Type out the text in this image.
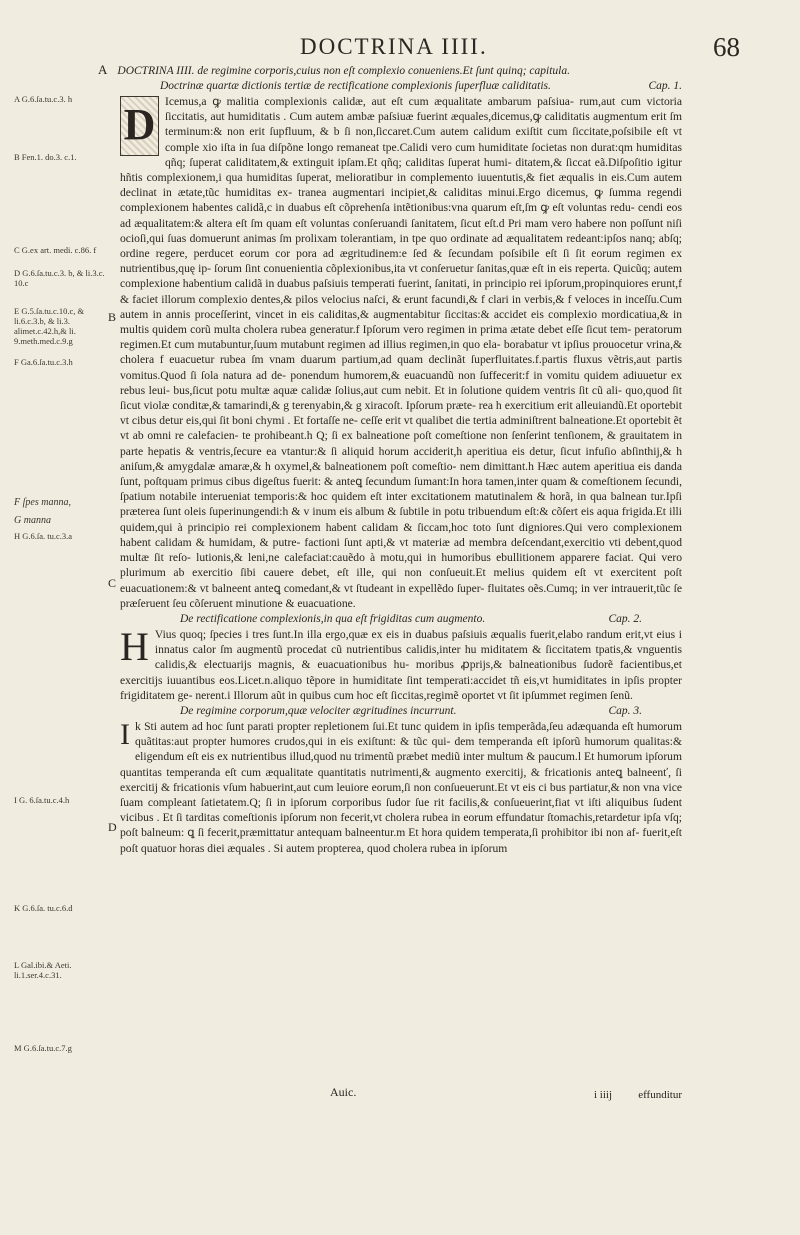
DOCTRINA IIII.	68
A G.6.ſa.tu.c.3. h
B Fen.1. do.3. c.1.
C G.ex art. medi. c.86. f
D G.6.ſa.tu.c.3. b, & li.3.c. 10.c
E G.5.ſa.tu.c.10.c, & li.6.c.3.b, & li.3. alimet.c.42.h,& li. 9.meth.med.c.9.g
F Ga.6.ſa.tu.c.3.h
F ſpes manna,
G manna
H G.6.ſa. tu.c.3.a
I G. 6.ſa.tu.c.4.h
K G.6.ſa. tu.c.6.d
L Gal.ibi.& Aeti. li.1.ser.4.c.31.
M G.6.ſa.tu.c.7.g
B
C
D
A DOCTRINA IIII. de regimine corporis,cuius non eſt complexio conueniens.Et ſunt quinq; capitula.
Doctrinæ quartæ dictionis tertiæ de rectificatione complexionis ſuperfluæ caliditatis.	Cap. 1.

D Icemus,a ꝙ malitia complexionis calidæ, aut eſt cum æqualitate ambarum paſsiua- rum,aut cum victoria ſiccitatis, aut humiditatis . Cum autem ambæ paſsiuæ fuerint æquales,dicemus,ꝙ caliditatis augmentum erit ſm terminum:& non erit ſupfluum, & b ſi non,ſiccaret.Cum autem calidum exiſtit cum ſiccitate,poſsibile eſt vt comple xio iſta in ſua diſpõne longo remaneat tpe.Calidi vero cum humiditate ſocietas non durat:qm humiditas qñq; ſuperat caliditatem,& extinguit ipſam.Et qñq; caliditas ſuperat humi- ditatem,& ſiccat eã.Diſpoſitio igitur hñtis complexionem,i qua humiditas ſuperat, melioratibur in complemento iuuentutis,& fiet æqualis in eis.Cum autem declinat in ætate,tũc humiditas ex- tranea augmentari incipiet,& caliditas minui.Ergo dicemus, ꝙ ſumma regendi complexionem habentes calidã,c in duabus eſt cõprehenſa intẽtionibus:vna quarum eſt,ſm ꝙ eſt voluntas redu- cendi eos ad æqualitatem:& altera eſt ſm quam eſt voluntas conſeruandi ſanitatem, ſicut eſt.d Pri mam vero habere non poſſunt niſi ocioſi,qui ſuas domuerunt animas ſm prolixam tolerantiam, in tpe quo ordinate ad æqualitatem redeant:ipſos nanq; abſq; ordine regere, perducet eorum cor pora ad ægritudinem:e ſed & ſecundam poſsibile eſt ſi ſit eorum regimen ex nutrientibus,quę ip- ſorum ſint conuenientia cõplexionibus,ita vt conſeruetur ſanitas,quæ eſt in eis reperta. Quicũq; autem complexione habentium calidã in duabus paſsiuis temperati fuerint, ſanitati, in principio rei ipſorum,propinquiores erunt,f & faciet illorum complexio dentes,& pilos velocius naſci, & erunt facundi,& f clari in verbis,& f veloces in inceſſu.Cum autem in annis proceſſerint, vincet in eis caliditas,& augmentabitur ſiccitas:& accidet eis complexio mordicatiua,& in multis quidem corũ multa cholera rubea generatur.f Ipſorum vero regimen in prima ætate debet eſſe ſicut tem- peratorum regimen.Et cum mutabuntur,ſuum mutabunt regimen ad illius regimen,in quo ela- borabatur vt ipſius prouocetur vrina,& cholera f euacuetur rubea ſm vnam duarum partium,ad quam declinãt ſuperfluitates.f.partis fluxus vẽtris,aut partis vomitus.Quod ſi ſola natura ad de- ponendum humorem,& euacuandũ non ſuffecerit:f in vomitu quidem adiuuetur ex rebus leui- bus,ſicut potu multæ aquæ calidæ ſolius,aut cum nebit. Et in ſolutione quidem ventris ſit cũ ali- quo,quod ſit ſicut violæ conditæ,& tamarindi,& g terenyabin,& g xiracoſt. Ipſorum præte- rea h exercitium erit alleuiandũ.Et oportebit vt cibus detur eis,qui ſit boni chymi . Et fortaſſe ne- ceſſe erit vt qualibet die tertia adminiſtrent balneatione.Et oportebit ẽt vt ab omni re calefacien- te prohibeant.h Q; ſi ex balneatione poſt comeſtione non ſenſerint tenſionem, & grauitatem in parte hepatis & ventris,ſecure ea vtantur:& ſi aliquid horum acciderit,h aperitiua eis detur, ſicut infuſio abſinthij,& h aniſum,& amygdalæ amaræ,& h oxymel,& balneationem poſt comeſtio- nem dimittant.h Hæc autem aperitiua eis danda ſunt, poſtquam primus cibus digeſtus fuerit: & anteꝗ ſecundum ſumant:In hora tamen,inter quam & comeſtionem ſecundi, ſpatium notabile interueniat temporis:& hoc quidem eſt inter excitationem matutinalem & horã, in qua balnean tur.Ipſi præterea ſunt oleis ſuperinungendi:h & v inum eis album & ſubtile in potu tribuendum eſt:& cõſert eis aqua frigida.Et illi quidem,qui à principio rei complexionem habent calidam & ſiccam,hoc toto ſunt digniores.Qui vero complexionem habent calidam & humidam, & putre- factioni ſunt apti,& vt materiæ ad membra deſcendant,exercitio vti debent,quod multæ ſit reſo- lutionis,& leni,ne calefaciat:cauẽdo à motu,qui in humoribus ebullitionem apparere faciat. Qui vero plurimum ab exercitio ſibi cauere debet, eſt ille, qui non conſueuit.Et melius quidem eſt vt exercitent poſt euacuationem:& vt balneent anteꝗ comedant,& vt ſtudeant in expellẽdo ſuper- fluitates oẽs.Cumq; in ver intrauerit,tũc ſe præſeruent ſeu cõſeruent minutione & euacuatione.

De rectificatione complexionis,in qua eſt frigiditas cum augmento.	Cap. 2.

H Vius quoq; ſpecies i tres ſunt.In illa ergo,quæ ex eis in duabus paſsiuis æqualis fuerit,elabo randum erit,vt eius i innatus calor ſm augmentũ procedat cũ nutrientibus calidis,inter hu miditatem & ſiccitatem tpatis,& vnguentis calidis,& electuarijs magnis, & euacuationibus hu- moribus ꝓprijs,& balneationibus ſudorẽ facientibus,et exercitijs iuuantibus eos.Licet.n.aliquo tẽpore in humiditate ſint temperati:accidet tñ eis,vt humiditates in ipſis propter frigiditatem ge- nerent.i Illorum aũt in quibus cum hoc eſt ſiccitas,regimẽ oportet vt ſit ipſummet regimen ſenũ.

De regimine corporum,quæ velociter ægritudines incurrunt.	Cap. 3.

I k Sti autem ad hoc ſunt parati propter repletionem ſui.Et tunc quidem in ipſis temperãda,ſeu adæquanda eſt humorum quãtitas:aut propter humores crudos,qui in eis exiſtunt: & tũc qui- dem temperanda eſt ipſorũ humorum qualitas:& eligendum eſt eis ex nutrientibus illud,quod nu trimentũ præbet mediũ inter multum & paucum.l Et humorum ipſorum quantitas temperanda eſt cum æqualitate quantitatis nutrimenti,& augmento exercitij, & fricationis anteꝗ balneenť, ſi exercitij & fricationis vſum habuerint,aut cum leuiore eorum,ſi non conſueuerunt.Et vt eis ci bus partiatur,& non vna vice ſuam compleant ſatietatem.Q; ſi in ipſorum corporibus ſudor ſue rit facilis,& conſueuerint,fiat vt iſti aliquibus ſudent vicibus . Et ſi tarditas comeſtionis ipſorum non fecerit,vt cholera rubea in eorum effundatur ſtomachis,retardetur ipſa vſq; poſt balneum: ꝗ ſi fecerit,præmittatur antequam balneentur.m Et hora quidem temperata,ſi prohibitor ibi non af- fuerit,eſt poſt quatuor horas diei æquales . Si autem propterea, quod cholera rubea in ipſorum

Auic.	i iiij effunditur
